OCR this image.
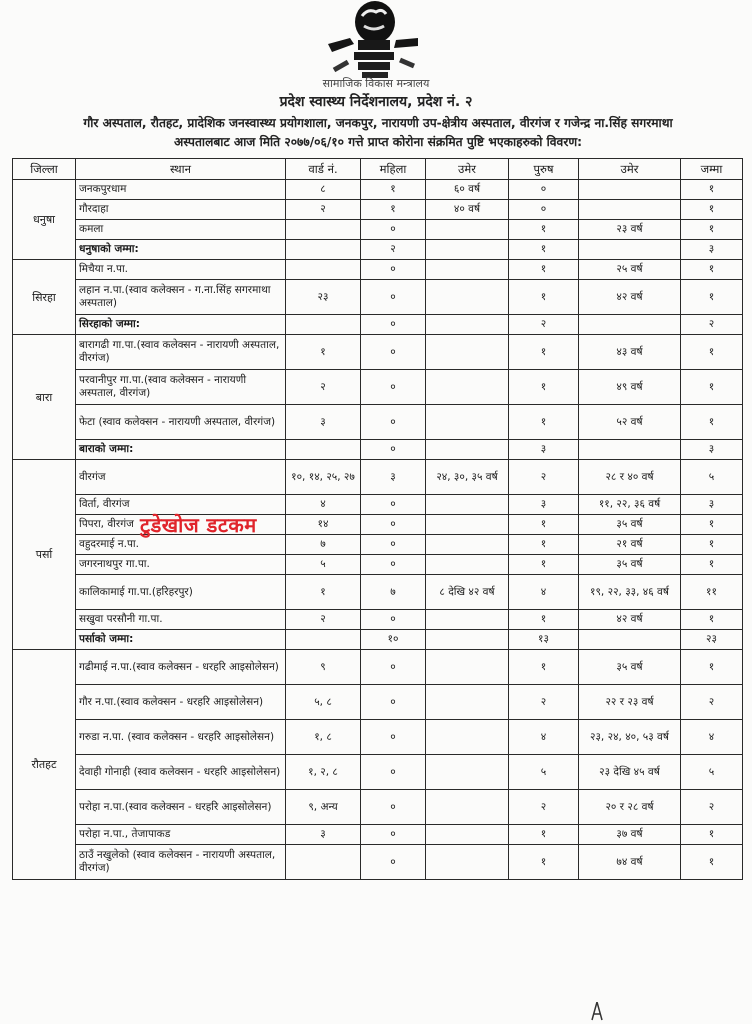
सामाजिक विकास मन्त्रालय
प्रदेश स्वास्थ्य निर्देशनालय, प्रदेश नं. २
गौर अस्पताल, रौतहट, प्रादेशिक जनस्वास्थ्य प्रयोगशाला, जनकपुर, नारायणी उप-क्षेत्रीय अस्पताल, वीरगंज र गजेन्द्र ना.सिंह सगरमाथा
अस्पतालबाट आज मिति २०७७/०६/१० गत्ते प्राप्त कोरोना संक्रमित पुष्टि भएकाहरुको विवरण:
जिल्ला	स्थान	वार्ड नं.	महिला	उमेर	पुरुष	उमेर	जम्मा
धनुषा	जनकपुरधाम	८	१	६० वर्ष	०		१
	गौरदाहा	२	१	४० वर्ष	०		१
	कमला		०		१	२३ वर्ष	१
	धनुषाको जम्मा:		२		१		३
सिरहा	मिचैया न.पा.		०		१	२५ वर्ष	१
	लहान न.पा.(स्वाव कलेक्सन - ग.ना.सिंह सगरमाथा अस्पताल)	२३	०		१	४२ वर्ष	१
	सिरहाको जम्मा:		०		२		२
बारा	बारागढी गा.पा.(स्वाव कलेक्सन - नारायणी अस्पताल, वीरगंज)	१	०		१	४३ वर्ष	१
	परवानीपुर गा.पा.(स्वाव कलेक्सन - नारायणी अस्पताल, वीरगंज)	२	०		१	४९ वर्ष	१
	फेटा (स्वाव कलेक्सन - नारायणी अस्पताल, वीरगंज)	३	०		१	५२ वर्ष	१
	बाराको जम्मा:		०		३		३
पर्सा	वीरगंज	१०, १४, २५, २७	३	२४, ३०, ३५ वर्ष	२	२८ र ४० वर्ष	५
	विर्ता, वीरगंज	४	०		३	११, २२, ३६ वर्ष	३
	पिपरा, वीरगंज	१४	०		१	३५ वर्ष	१
	वहुदरमाई न.पा.	७	०		१	२१ वर्ष	१
	जगरनाथपुर गा.पा.	५	०		१	३५ वर्ष	१
	कालिकामाई गा.पा.(हरिहरपुर)	१	७	८ देखि ४२ वर्ष	४	१९, २२, ३३, ४६ वर्ष	११
	सखुवा परसौनी गा.पा.	२	०		१	४२ वर्ष	१
	पर्साको जम्मा:		१०		१३		२३
रौतहट	गढीमाई न.पा.(स्वाव कलेक्सन - धरहरि आइसोलेसन)	९	०		१	३५ वर्ष	१
	गौर न.पा.(स्वाव कलेक्सन - धरहरि आइसोलेसन)	५, ८	०		२	२२ र २३ वर्ष	२
	गरुडा न.पा. (स्वाव कलेक्सन - धरहरि आइसोलेसन)	१, ८	०		४	२३, २४, ४०, ५३ वर्ष	४
	देवाही गोनाही (स्वाव कलेक्सन - धरहरि आइसोलेसन)	१, २, ८	०		५	२३ देखि ४५ वर्ष	५
	परोहा न.पा.(स्वाव कलेक्सन - धरहरि आइसोलेसन)	९, अन्य	०		२	२० र २८ वर्ष	२
	परोहा न.पा., तेजापाकड	३	०		१	३७ वर्ष	१
	ठाउँ नखुलेको (स्वाव कलेक्सन - नारायणी अस्पताल, वीरगंज)		०		१	७४ वर्ष	१
टुडेखोज डटकम
